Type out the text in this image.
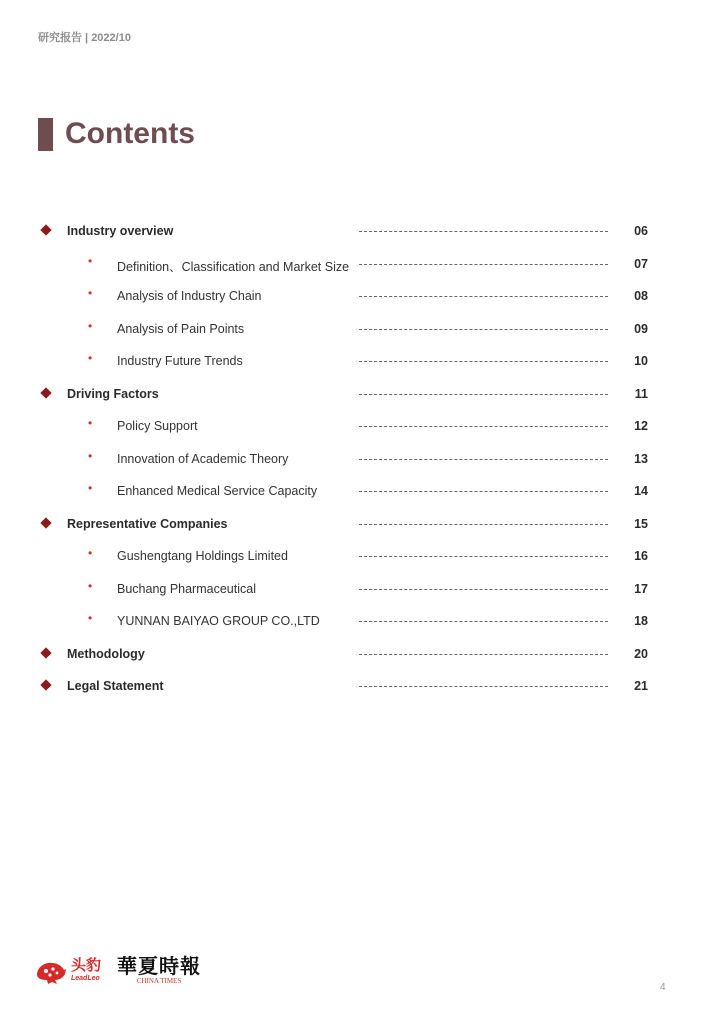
研究报告 | 2022/10
Contents
Industry overview	06
• Definition、Classification and Market Size	07
• Analysis of Industry Chain	08
• Analysis of Pain Points	09
• Industry Future Trends	10
Driving Factors	11
• Policy Support	12
• Innovation of Academic Theory	13
• Enhanced Medical Service Capacity	14
Representative Companies	15
• Gushengtang Holdings Limited	16
• Buchang Pharmaceutical	17
• YUNNAN BAIYAO GROUP CO.,LTD	18
Methodology	20
Legal Statement	21
头豹
LeadLeo
華夏時報
CHINA TIMES
4
